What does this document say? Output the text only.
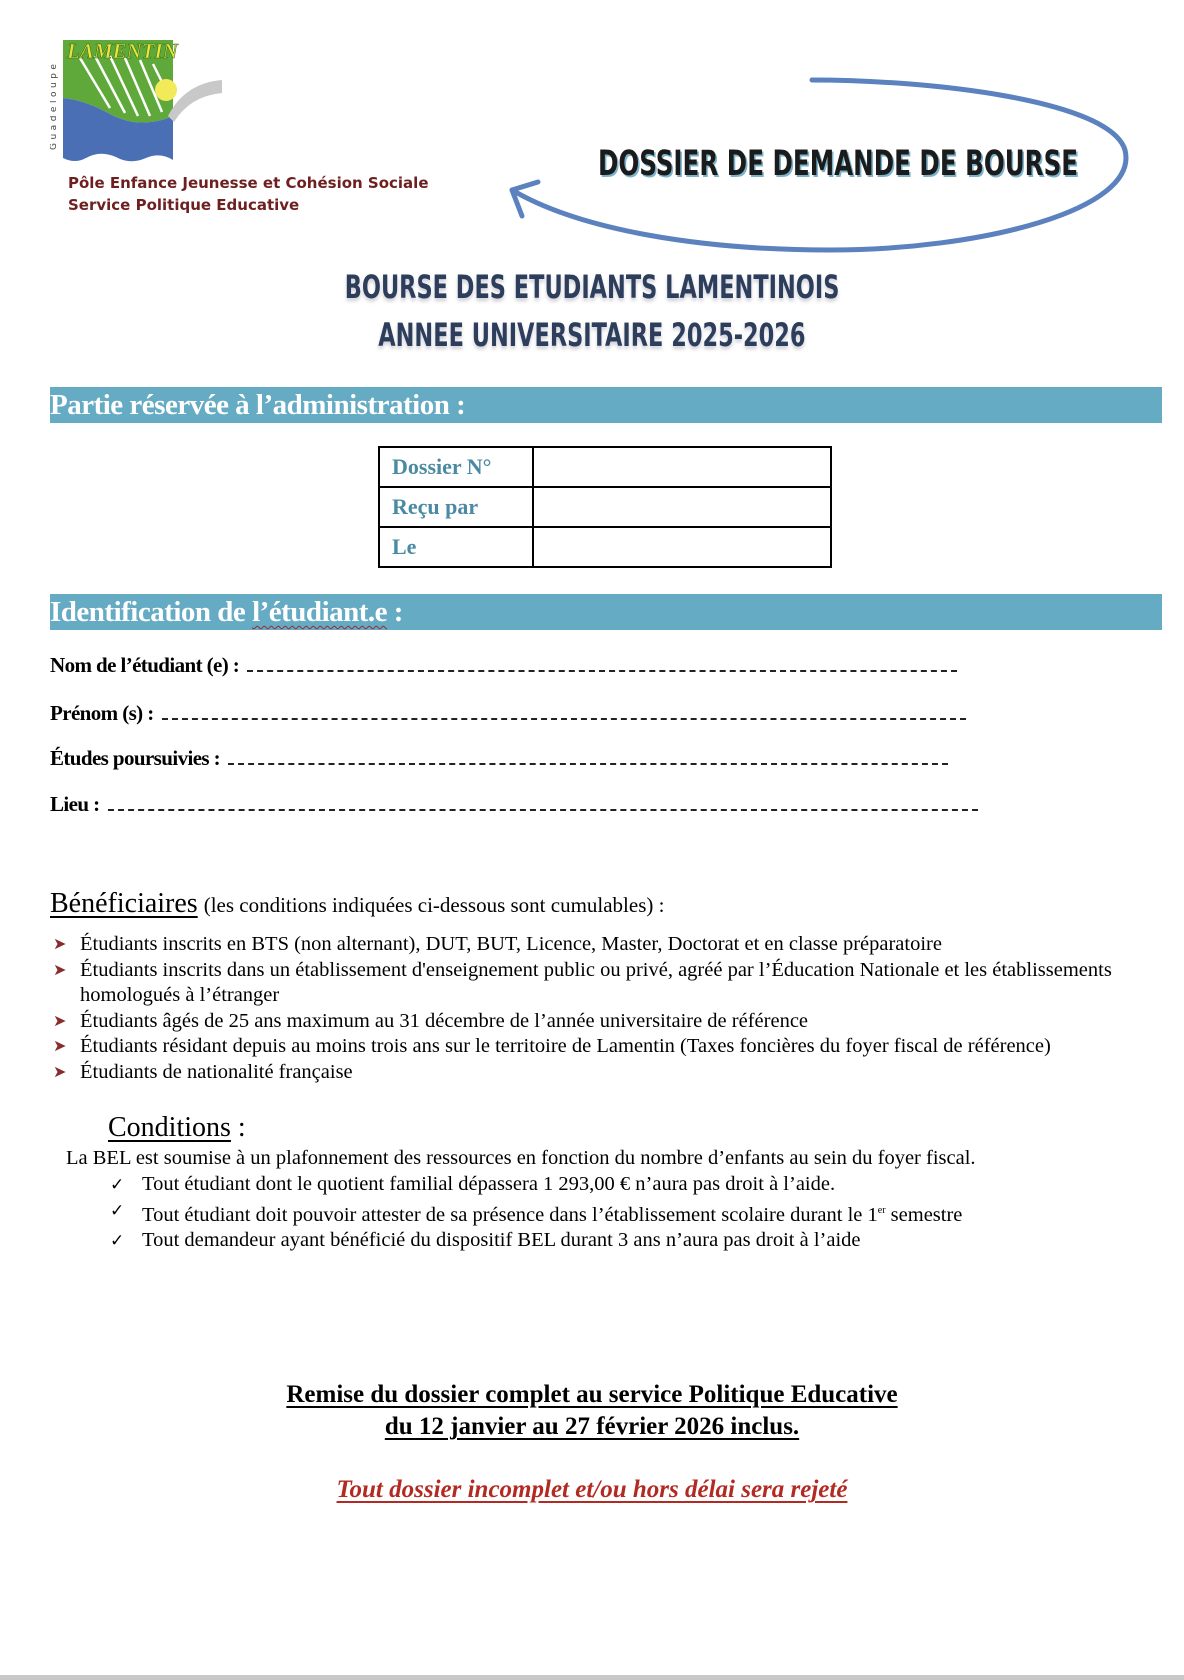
Guadeloupe
LAMENTIN
Pôle Enfance Jeunesse et Cohésion Sociale
Service Politique Educative
DOSSIER DE DEMANDE DE BOURSE
BOURSE DES ETUDIANTS LAMENTINOIS
ANNEE UNIVERSITAIRE 2025-2026
Partie réservée à l’administration :
Dossier N°	
Reçu par	
Le	
Identification de l’étudiant.e :
Nom de l’étudiant (e) :
Prénom (s) :
Études poursuivies :
Lieu :
Bénéficiaires (les conditions indiquées ci-dessous sont cumulables) :
➤ Étudiants inscrits en BTS (non alternant), DUT, BUT, Licence, Master, Doctorat et en classe préparatoire
➤ Étudiants inscrits dans un établissement d'enseignement public ou privé, agréé par l’Éducation Nationale et les établissements homologués à l’étranger
➤ Étudiants âgés de 25 ans maximum au 31 décembre de l’année universitaire de référence
➤ Étudiants résidant depuis au moins trois ans sur le territoire de Lamentin (Taxes foncières du foyer fiscal de référence)
➤ Étudiants de nationalité française
Conditions :
La BEL est soumise à un plafonnement des ressources en fonction du nombre d’enfants au sein du foyer fiscal.
✓ Tout étudiant dont le quotient familial dépassera 1 293,00 € n’aura pas droit à l’aide.
✓ Tout étudiant doit pouvoir attester de sa présence dans l’établissement scolaire durant le 1er semestre
✓ Tout demandeur ayant bénéficié du dispositif BEL durant 3 ans n’aura pas droit à l’aide
Remise du dossier complet au service Politique Educative
du 12 janvier au 27 février 2026 inclus.
Tout dossier incomplet et/ou hors délai sera rejeté
